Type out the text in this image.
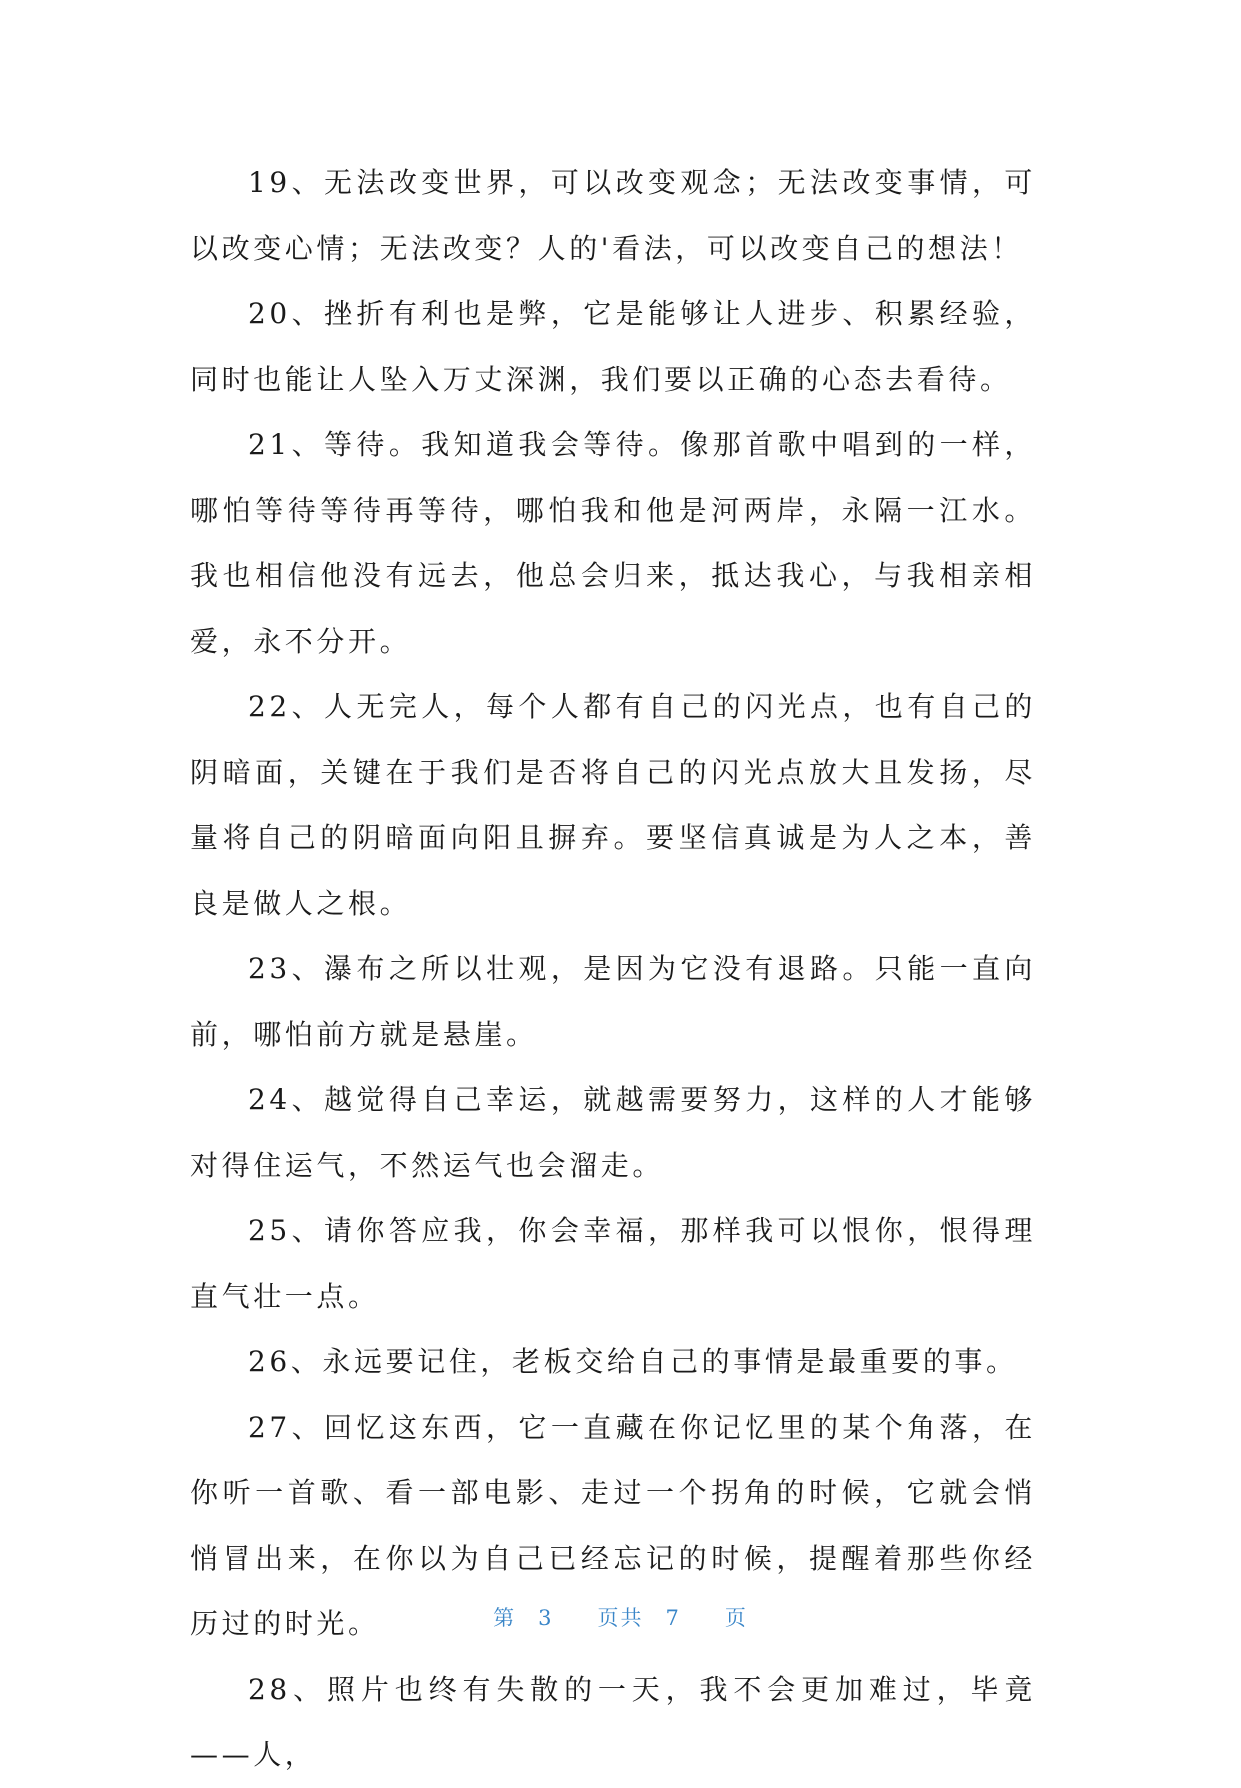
19、无法改变世界，可以改变观念；无法改变事情，可以改变心情；无法改变？人的'看法，可以改变自己的想法！

20、挫折有利也是弊，它是能够让人进步、积累经验，同时也能让人坠入万丈深渊，我们要以正确的心态去看待。

21、等待。我知道我会等待。像那首歌中唱到的一样，哪怕等待等待再等待，哪怕我和他是河两岸，永隔一江水。我也相信他没有远去，他总会归来，抵达我心，与我相亲相爱，永不分开。

22、人无完人，每个人都有自己的闪光点，也有自己的阴暗面，关键在于我们是否将自己的闪光点放大且发扬，尽量将自己的阴暗面向阳且摒弃。要坚信真诚是为人之本，善良是做人之根。

23、瀑布之所以壮观，是因为它没有退路。只能一直向前，哪怕前方就是悬崖。

24、越觉得自己幸运，就越需要努力，这样的人才能够对得住运气，不然运气也会溜走。

25、请你答应我，你会幸福，那样我可以恨你，恨得理直气壮一点。

26、永远要记住，老板交给自己的事情是最重要的事。

27、回忆这东西，它一直藏在你记忆里的某个角落，在你听一首歌、看一部电影、走过一个拐角的时候，它就会悄悄冒出来，在你以为自己已经忘记的时候，提醒着那些你经历过的时光。

28、照片也终有失散的一天，我不会更加难过，毕竟——人，

第 3 页共 7 页
